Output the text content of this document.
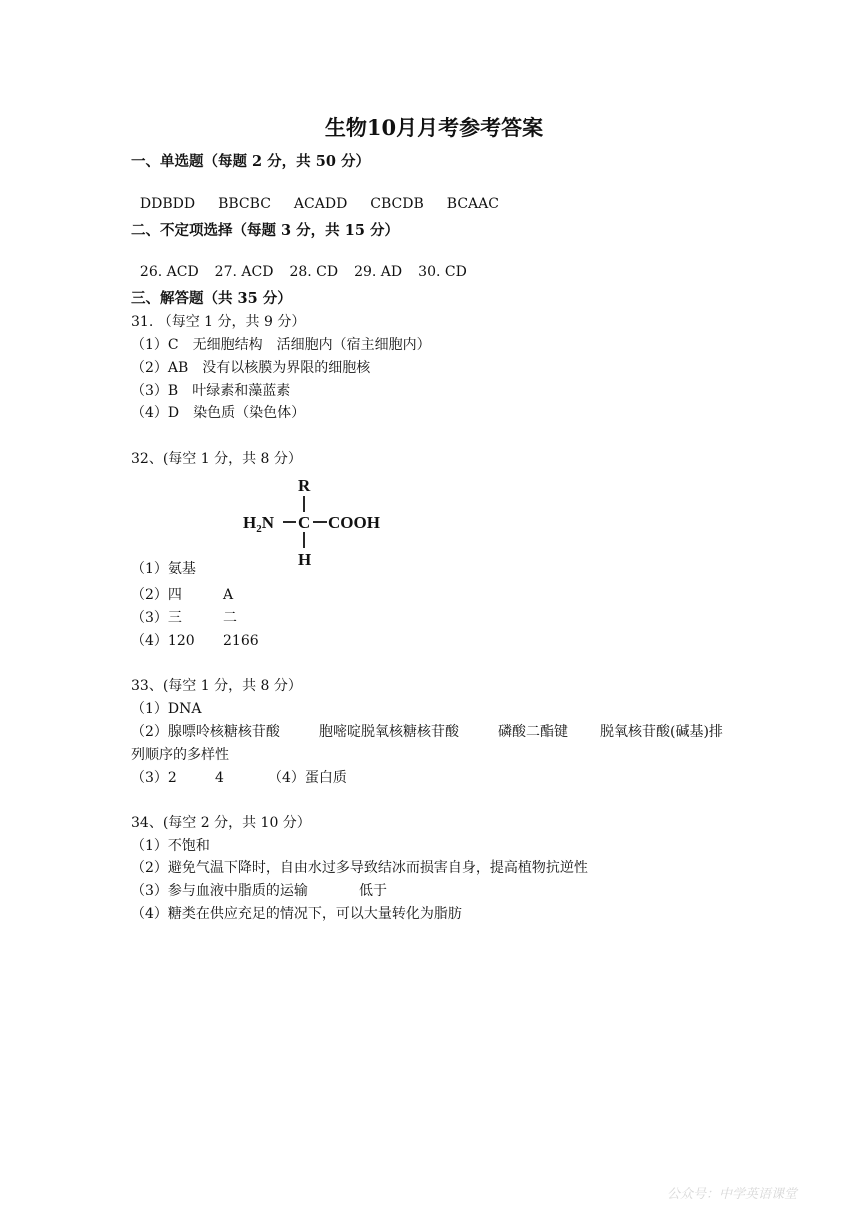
生物10月月考参考答案
一、单选题（每题 2 分，共 50 分）

DDBDD BBCBC ACADD CBCDB BCAAC

二、不定项选择（每题 3 分，共 15 分）

26. ACD 27. ACD 28. CD 29. AD 30. CD

三、解答题（共 35 分）
31. （每空 1 分，共 9 分）
（1）C　无细胞结构　活细胞内（宿主细胞内）
（2）AB　没有以核膜为界限的细胞核
（3）B　叶绿素和藻蓝素
（4）D　染色质（染色体）
32、(每空 1 分，共 8 分）
R
$H_2N$ C COOH
H
（1）氨基
（2）四	A
（3）三	二
（4）120 2166
33、(每空 1 分，共 8 分）
（1）DNA
（2）腺嘌呤核糖核苷酸	胞嘧啶脱氧核糖核苷酸	磷酸二酯键 脱氧核苷酸(碱基)排
列顺序的多样性
（3）2	4	（4）蛋白质
34、(每空 2 分，共 10 分）
（1）不饱和
（2）避免气温下降时，自由水过多导致结冰而损害自身，提高植物抗逆性
（3）参与血液中脂质的运输	低于
（4）糖类在供应充足的情况下，可以大量转化为脂肪
公众号：中学英语课堂
